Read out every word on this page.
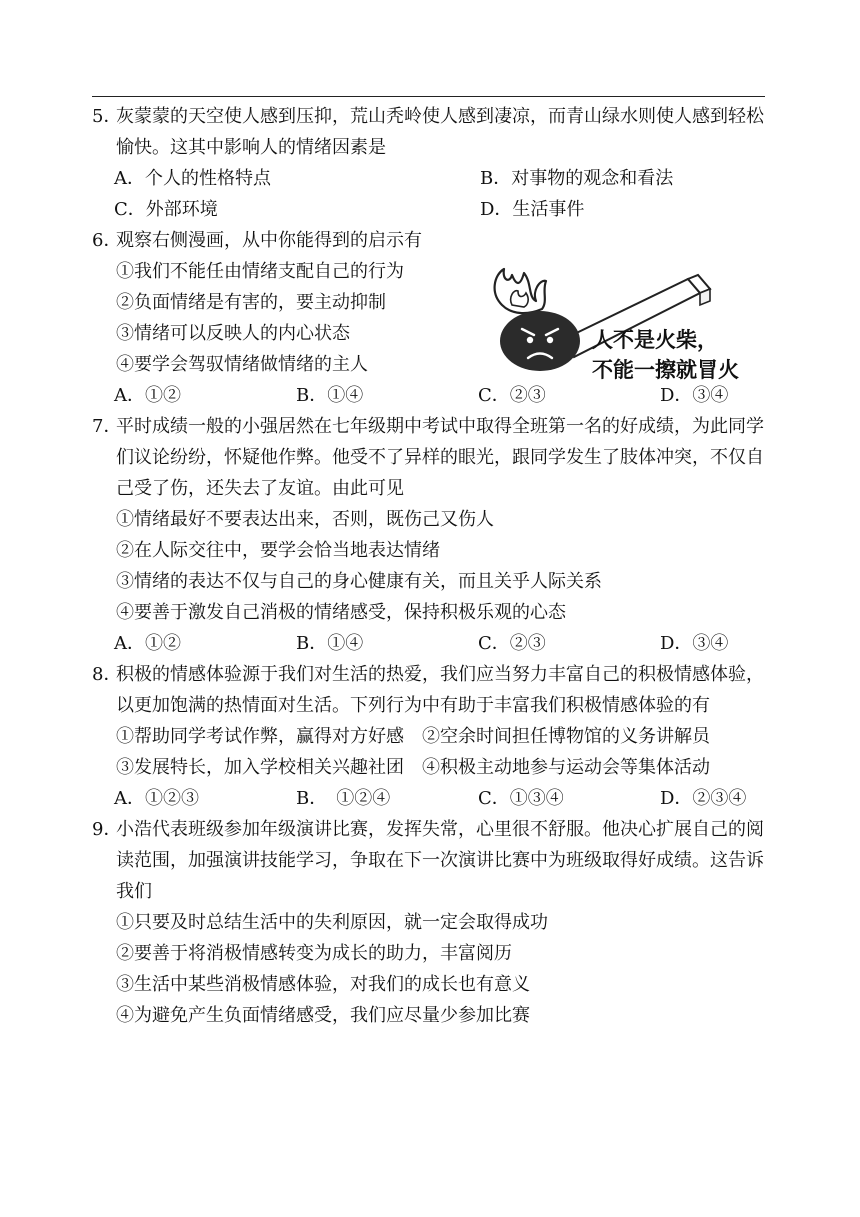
5．灰蒙蒙的天空使人感到压抑，荒山秃岭使人感到凄凉，而青山绿水则使人感到轻松愉快。这其中影响人的情绪因素是

A．个人的性格特点	B．对事物的观念和看法
C．外部环境	D．生活事件

6．观察右侧漫画，从中你能得到的启示有

①我们不能任由情绪支配自己的行为

②负面情绪是有害的，要主动抑制

③情绪可以反映人的内心状态

④要学会驾驭情绪做情绪的主人

A．①②	B．①④	C．②③	D．③④
人不是火柴，
不能一擦就冒火

7．平时成绩一般的小强居然在七年级期中考试中取得全班第一名的好成绩，为此同学们议论纷纷，怀疑他作弊。他受不了异样的眼光，跟同学发生了肢体冲突，不仅自己受了伤，还失去了友谊。由此可见

①情绪最好不要表达出来，否则，既伤己又伤人

②在人际交往中，要学会恰当地表达情绪

③情绪的表达不仅与自己的身心健康有关，而且关乎人际关系

④要善于激发自己消极的情绪感受，保持积极乐观的心态

A．①②	B．①④	C．②③	D．③④

8．积极的情感体验源于我们对生活的热爱，我们应当努力丰富自己的积极情感体验，以更加饱满的热情面对生活。下列行为中有助于丰富我们积极情感体验的有

①帮助同学考试作弊，赢得对方好感　②空余时间担任博物馆的义务讲解员

③发展特长，加入学校相关兴趣社团　④积极主动地参与运动会等集体活动

A．①②③	B．　①②④	C．①③④	D．②③④

9．小浩代表班级参加年级演讲比赛，发挥失常，心里很不舒服。他决心扩展自己的阅读范围，加强演讲技能学习，争取在下一次演讲比赛中为班级取得好成绩。这告诉我们

①只要及时总结生活中的失利原因，就一定会取得成功

②要善于将消极情感转变为成长的助力，丰富阅历

③生活中某些消极情感体验，对我们的成长也有意义

④为避免产生负面情绪感受，我们应尽量少参加比赛
